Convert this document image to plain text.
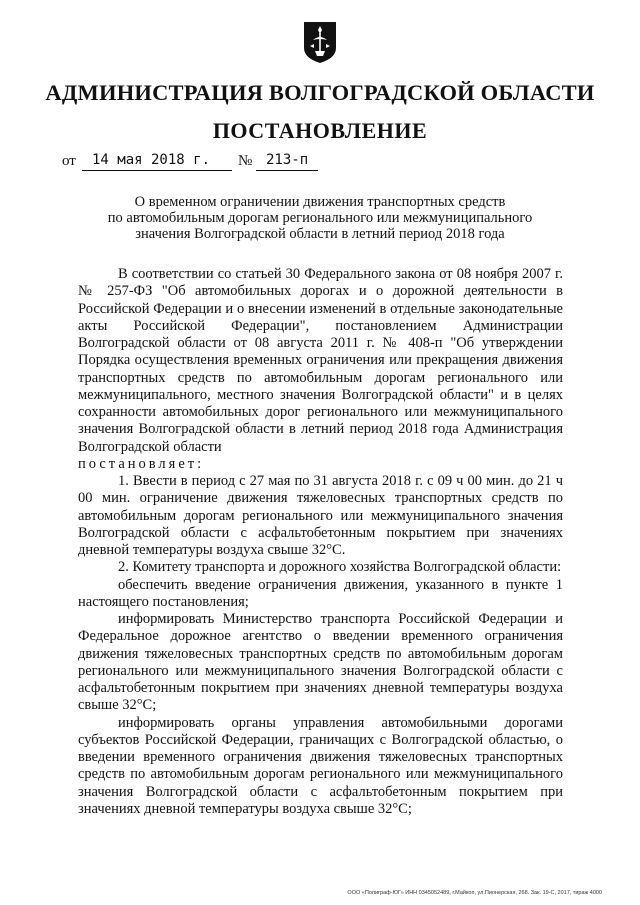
АДМИНИСТРАЦИЯ ВОЛГОГРАДСКОЙ ОБЛАСТИ
ПОСТАНОВЛЕНИЕ
от	14 мая 2018 г.	№ 213-п
О временном ограничении движения транспортных средств
по автомобильным дорогам регионального или межмуниципального
значения Волгоградской области в летний период 2018 года

В соответствии со статьей 30 Федерального закона от 08 ноября 2007 г. № 257-ФЗ "Об автомобильных дорогах и о дорожной деятельности в Российской Федерации и о внесении изменений в отдельные законодательные акты Российской Федерации", постановлением Администрации Волгоградской области от 08 августа 2011 г. № 408-п "Об утверждении Порядка осуществления временных ограничения или прекращения движения транспортных средств по автомобильным дорогам регионального или межмуниципального, местного значения Волгоградской области" и в целях сохранности автомобильных дорог регионального или межмуниципального значения Волгоградской области в летний период 2018 года Администрация Волгоградской области

постановляет:

1. Ввести в период с 27 мая по 31 августа 2018 г. с 09 ч 00 мин. до 21 ч 00 мин. ограничение движения тяжеловесных транспортных средств по автомобильным дорогам регионального или межмуниципального значения Волгоградской области с асфальтобетонным покрытием при значениях дневной температуры воздуха свыше 32°С.

2. Комитету транспорта и дорожного хозяйства Волгоградской области:

обеспечить введение ограничения движения, указанного в пункте 1 настоящего постановления;

информировать Министерство транспорта Российской Федерации и Федеральное дорожное агентство о введении временного ограничения движения тяжеловесных транспортных средств по автомобильным дорогам регионального или межмуниципального значения Волгоградской области с асфальтобетонным покрытием при значениях дневной температуры воздуха свыше 32°С;

информировать органы управления автомобильными дорогами субъектов Российской Федерации, граничащих с Волгоградской областью, о введении временного ограничения движения тяжеловесных транспортных средств по автомобильным дорогам регионального или межмуниципального значения Волгоградской области с асфальтобетонным покрытием при значениях дневной температуры воздуха свыше 32°С;

ООО «Полиграф-ЮГ» ИНН 0345052489, г.Майкоп, ул.Пионерская, 268. Зак. 19-С, 2017, тираж 4000
